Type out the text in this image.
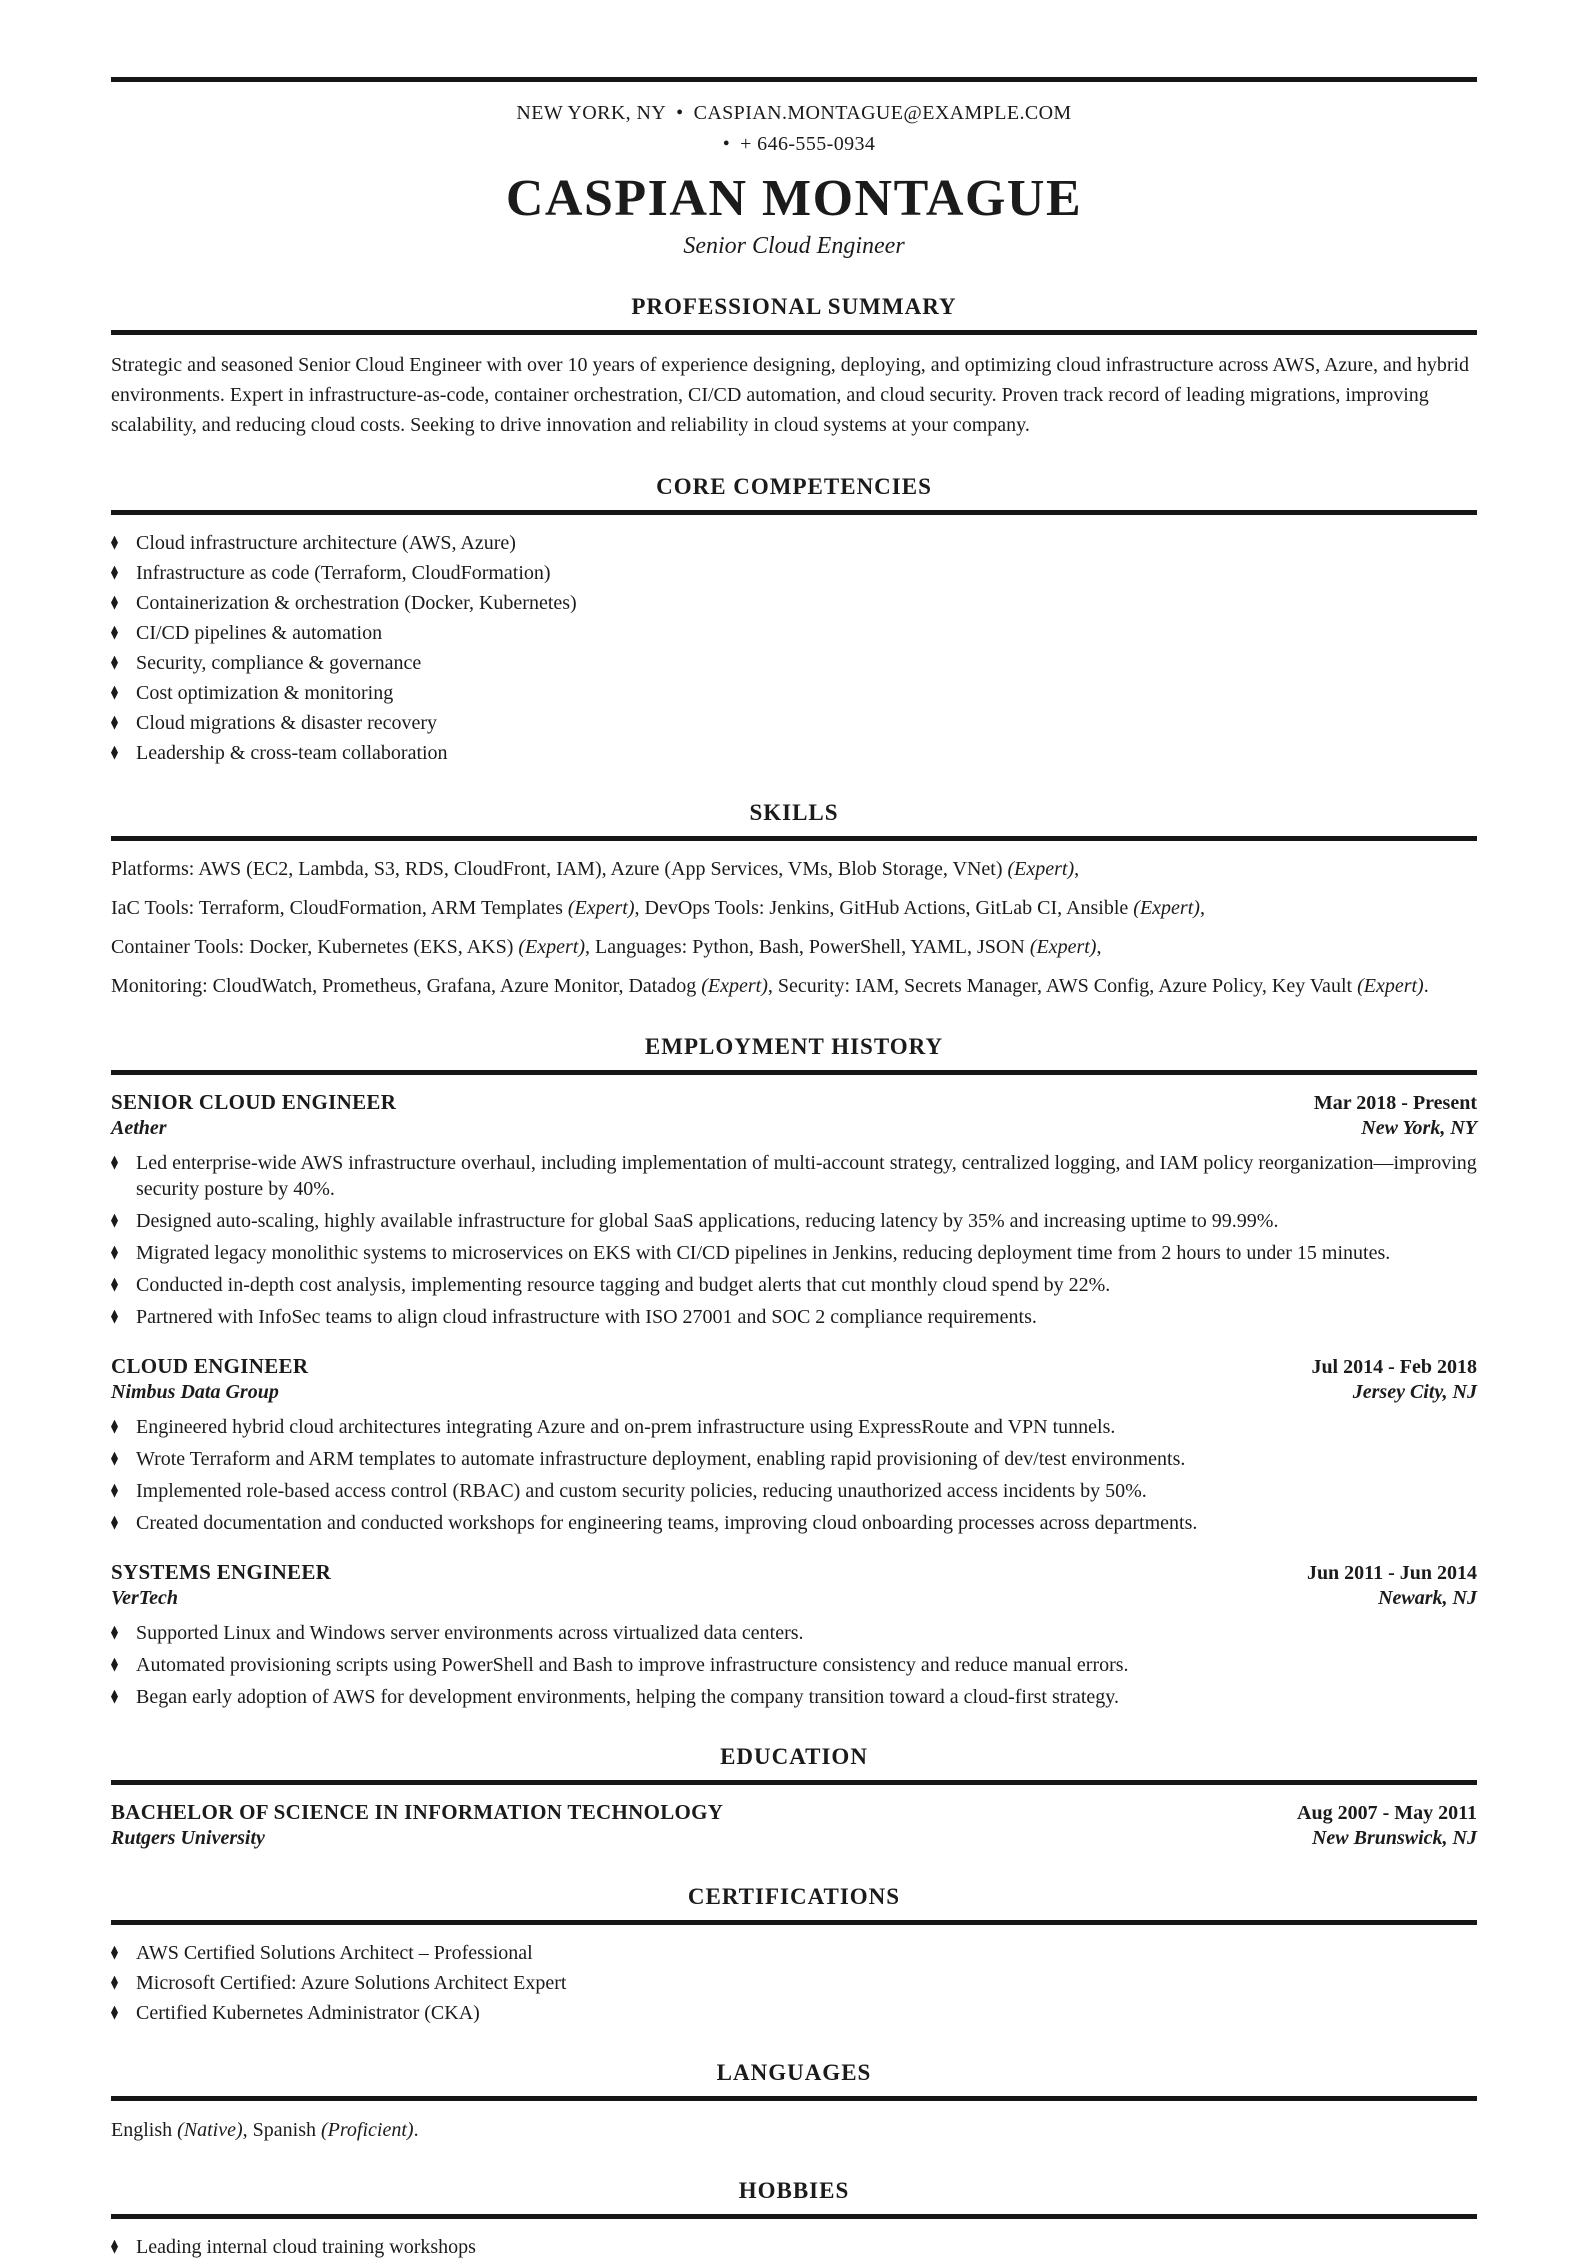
NEW YORK, NY • CASPIAN.MONTAGUE@EXAMPLE.COM
• + 646-555-0934
CASPIAN MONTAGUE
Senior Cloud Engineer
PROFESSIONAL SUMMARY

Strategic and seasoned Senior Cloud Engineer with over 10 years of experience designing, deploying, and optimizing cloud infrastructure across AWS, Azure, and hybrid environments. Expert in infrastructure-as-code, container orchestration, CI/CD automation, and cloud security. Proven track record of leading migrations, improving scalability, and reducing cloud costs. Seeking to drive innovation and reliability in cloud systems at your company.

CORE COMPETENCIES
Cloud infrastructure architecture (AWS, Azure)
Infrastructure as code (Terraform, CloudFormation)
Containerization & orchestration (Docker, Kubernetes)
CI/CD pipelines & automation
Security, compliance & governance
Cost optimization & monitoring
Cloud migrations & disaster recovery
Leadership & cross-team collaboration
SKILLS
Platforms: AWS (EC2, Lambda, S3, RDS, CloudFront, IAM), Azure (App Services, VMs, Blob Storage, VNet) (Expert),
IaC Tools: Terraform, CloudFormation, ARM Templates (Expert), DevOps Tools: Jenkins, GitHub Actions, GitLab CI, Ansible (Expert),
Container Tools: Docker, Kubernetes (EKS, AKS) (Expert), Languages: Python, Bash, PowerShell, YAML, JSON (Expert),
Monitoring: CloudWatch, Prometheus, Grafana, Azure Monitor, Datadog (Expert), Security: IAM, Secrets Manager, AWS Config, Azure Policy, Key Vault (Expert).
EMPLOYMENT HISTORY
SENIOR CLOUD ENGINEER	Mar 2018 - Present
Aether	New York, NY
Led enterprise-wide AWS infrastructure overhaul, including implementation of multi-account strategy, centralized logging, and IAM policy reorganization—improving security posture by 40%.
Designed auto-scaling, highly available infrastructure for global SaaS applications, reducing latency by 35% and increasing uptime to 99.99%.
Migrated legacy monolithic systems to microservices on EKS with CI/CD pipelines in Jenkins, reducing deployment time from 2 hours to under 15 minutes.
Conducted in-depth cost analysis, implementing resource tagging and budget alerts that cut monthly cloud spend by 22%.
Partnered with InfoSec teams to align cloud infrastructure with ISO 27001 and SOC 2 compliance requirements.
CLOUD ENGINEER	Jul 2014 - Feb 2018
Nimbus Data Group	Jersey City, NJ
Engineered hybrid cloud architectures integrating Azure and on-prem infrastructure using ExpressRoute and VPN tunnels.
Wrote Terraform and ARM templates to automate infrastructure deployment, enabling rapid provisioning of dev/test environments.
Implemented role-based access control (RBAC) and custom security policies, reducing unauthorized access incidents by 50%.
Created documentation and conducted workshops for engineering teams, improving cloud onboarding processes across departments.
SYSTEMS ENGINEER	Jun 2011 - Jun 2014
VerTech	Newark, NJ
Supported Linux and Windows server environments across virtualized data centers.
Automated provisioning scripts using PowerShell and Bash to improve infrastructure consistency and reduce manual errors.
Began early adoption of AWS for development environments, helping the company transition toward a cloud-first strategy.
EDUCATION
BACHELOR OF SCIENCE IN INFORMATION TECHNOLOGY	Aug 2007 - May 2011
Rutgers University	New Brunswick, NJ
CERTIFICATIONS
AWS Certified Solutions Architect – Professional
Microsoft Certified: Azure Solutions Architect Expert
Certified Kubernetes Administrator (CKA)
LANGUAGES
English (Native), Spanish (Proficient).
HOBBIES
Leading internal cloud training workshops
